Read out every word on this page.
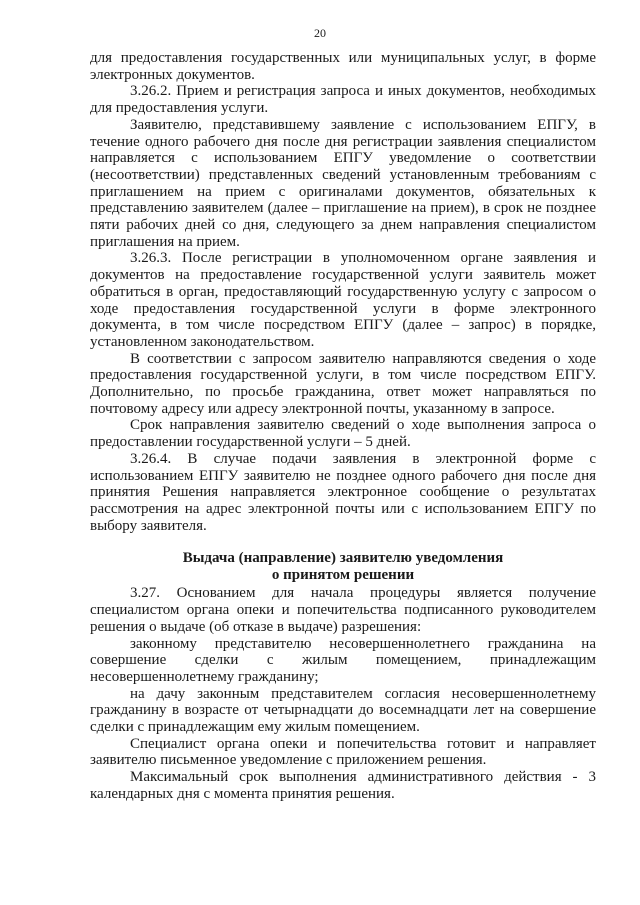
20

для предоставления государственных или муниципальных услуг, в форме электронных документов.

3.26.2. Прием и регистрация запроса и иных документов, необходимых для предоставления услуги.

Заявителю, представившему заявление с использованием ЕПГУ, в течение одного рабочего дня после дня регистрации заявления специалистом направляется с использованием ЕПГУ уведомление о соответствии (несоответствии) представленных сведений установленным требованиям с приглашением на прием с оригиналами документов, обязательных к представлению заявителем (далее – приглашение на прием), в срок не позднее пяти рабочих дней со дня, следующего за днем направления специалистом приглашения на прием.

3.26.3. После регистрации в уполномоченном органе заявления и документов на предоставление государственной услуги заявитель может обратиться в орган, предоставляющий государственную услугу с запросом о ходе предоставления государственной услуги в форме электронного документа, в том числе посредством ЕПГУ (далее – запрос) в порядке, установленном законодательством.

В соответствии с запросом заявителю направляются сведения о ходе предоставления государственной услуги, в том числе посредством ЕПГУ. Дополнительно, по просьбе гражданина, ответ может направляться по почтовому адресу или адресу электронной почты, указанному в запросе.

Срок направления заявителю сведений о ходе выполнения запроса о предоставлении государственной услуги – 5 дней.

3.26.4. В случае подачи заявления в электронной форме с использованием ЕПГУ заявителю не позднее одного рабочего дня после дня принятия Решения направляется электронное сообщение о результатах рассмотрения на адрес электронной почты или с использованием ЕПГУ по выбору заявителя.

Выдача (направление) заявителю уведомления
о принятом решении

3.27. Основанием для начала процедуры является получение специалистом органа опеки и попечительства подписанного руководителем решения о выдаче (об отказе в выдаче) разрешения:

законному представителю несовершеннолетнего гражданина на совершение сделки с жилым помещением, принадлежащим несовершеннолетнему гражданину;

на дачу законным представителем согласия несовершеннолетнему гражданину в возрасте от четырнадцати до восемнадцати лет на совершение сделки с принадлежащим ему жилым помещением.

Специалист органа опеки и попечительства готовит и направляет заявителю письменное уведомление с приложением решения.

Максимальный срок выполнения административного действия - 3 календарных дня с момента принятия решения.
